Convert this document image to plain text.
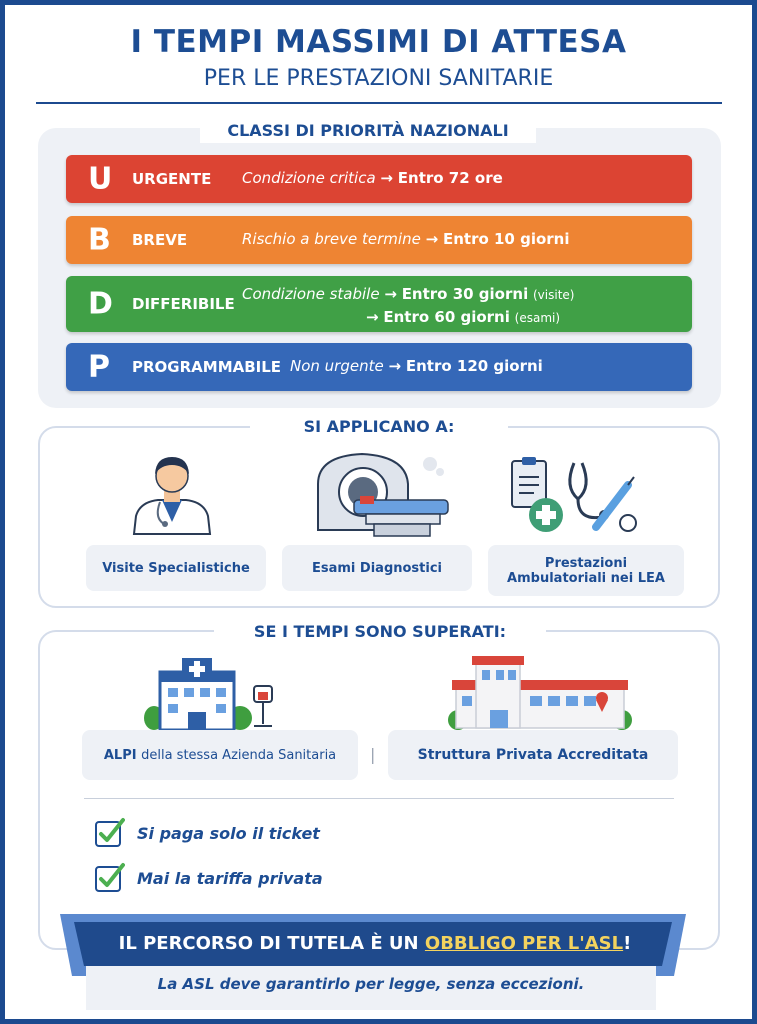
I TEMPI MASSIMI DI ATTESA
PER LE PRESTAZIONI SANITARIE
CLASSI DI PRIORITÀ NAZIONALI
U URGENTE Condizione critica → Entro 72 ore
B BREVE	Rischio a breve termine → Entro 10 giorni
D DIFFERIBILE
Condizione stabile → Entro 30 giorni (visite)
→ Entro 60 giorni (esami)
P PROGRAMMABILE Non urgente → Entro 120 giorni
SI APPLICANO A:
Visite Specialistiche	Esami Diagnostici	Prestazioni Ambulatoriali nei LEA
SE I TEMPI SONO SUPERATI:
ALPI
della stessa Azienda Sanitaria |	Struttura Privata Accreditata
Si paga solo il ticket
Mai la tariffa privata
IL PERCORSO DI TUTELA È UN OBBLIGO PER L'ASL!
La ASL deve garantirlo per legge, senza eccezioni.
